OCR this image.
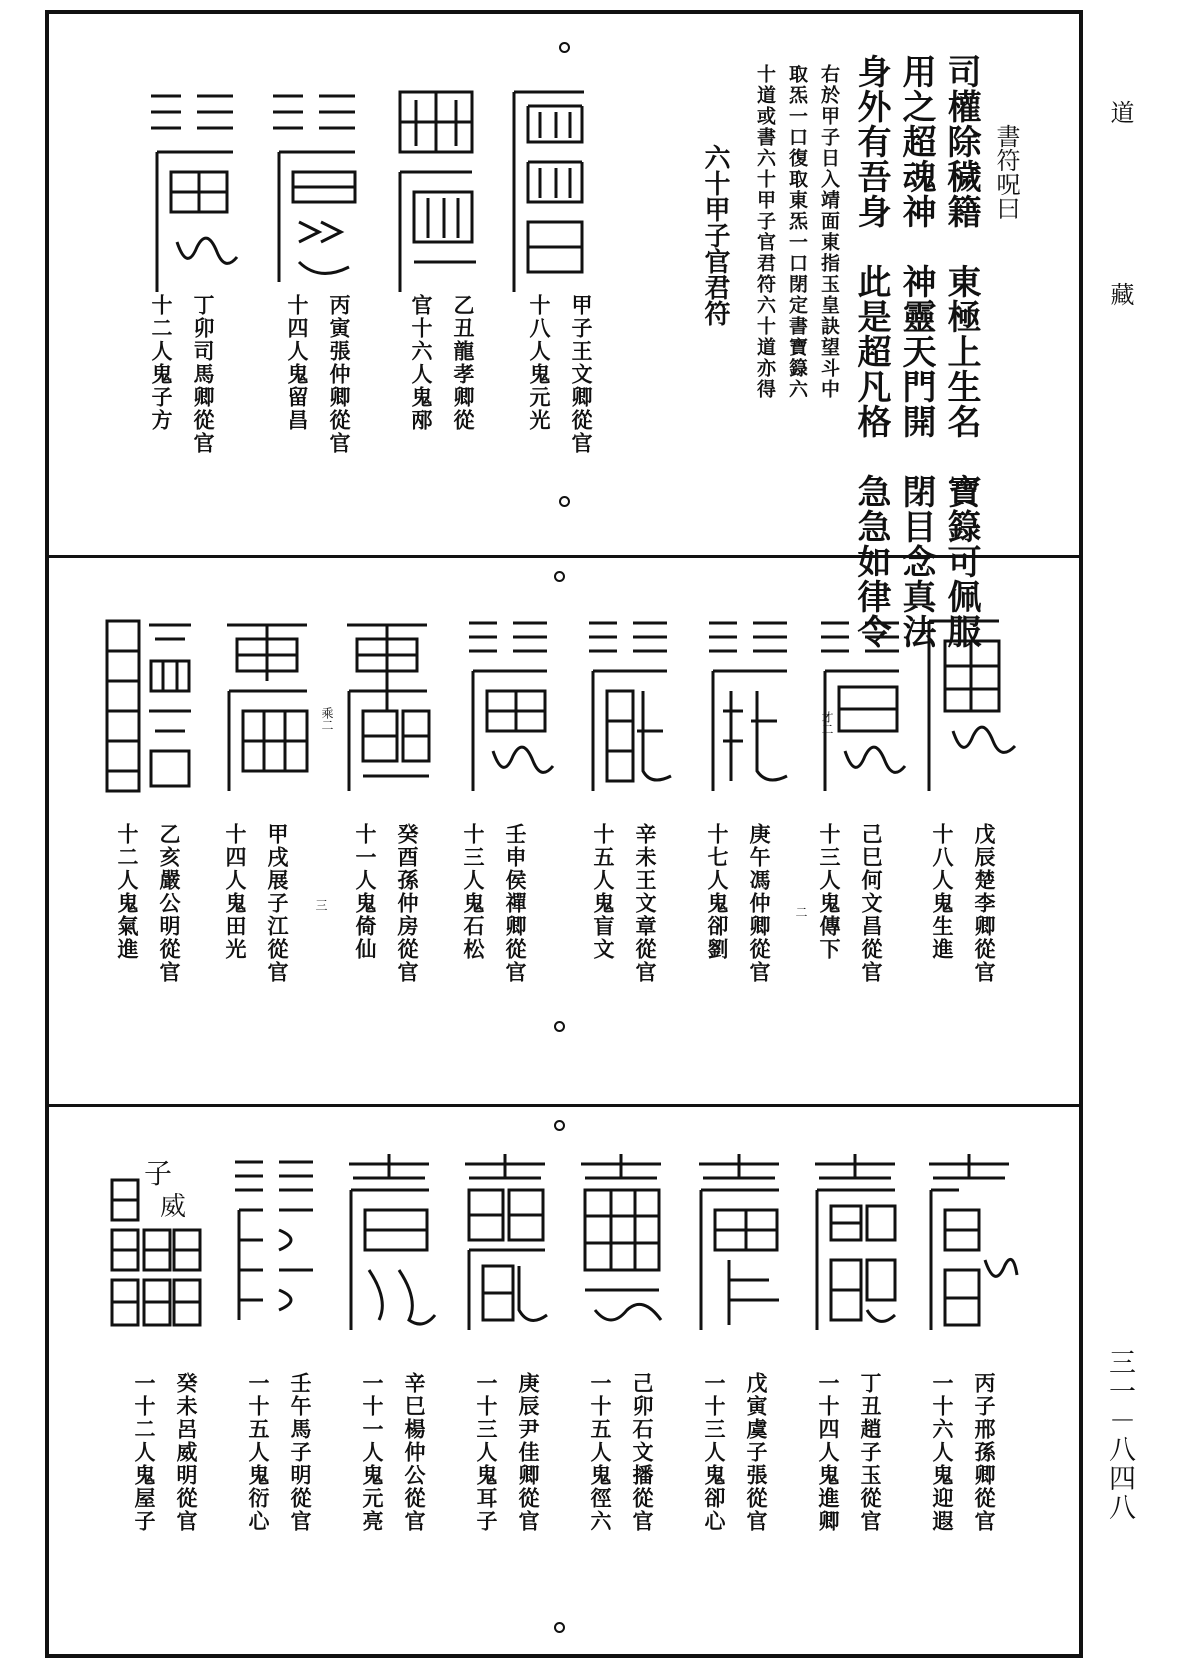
道
藏
三一－八四八
書符呪曰
司權除穢籍　東極上生名　寶籙可佩服
用之超魂神　神靈天門開　閉目念真法
身外有吾身　此是超凡格　急急如律令
右於甲子日入靖面東指玉皇訣望斗中
取炁一口復取東炁一口閉定書寶籙六
十道或書六十甲子官君符六十道亦得
六十甲子官君符
甲子王文卿從官
十八人鬼元光
乙丑龍孝卿從
官十六人鬼邴
丙寅張仲卿從官
十四人鬼留昌
丁卯司馬卿從官
十二人鬼子方
才二
乘二
戊辰楚李卿從官
十八人鬼生進
己巳何文昌從官
十三人鬼傳下
庚午馮仲卿從官
十七人鬼卻劉
辛未王文章從官
十五人鬼盲文
壬申侯禪卿從官
十三人鬼石松
癸酉孫仲房從官
十一人鬼倚仙
甲戌展子江從官
十四人鬼田光
乙亥嚴公明從官
十二人鬼氣進	二
三
子
威
丙子邢孫卿從官
一十六人鬼迎遐
丁丑趙子玉從官
一十四人鬼進卿
戊寅虞子張從官
一十三人鬼卻心
己卯石文播從官
一十五人鬼徑六
庚辰尹佳卿從官
一十三人鬼耳子
辛巳楊仲公從官
一十一人鬼元亮
壬午馬子明從官
一十五人鬼衍心
癸未呂威明從官
一十二人鬼屋子
